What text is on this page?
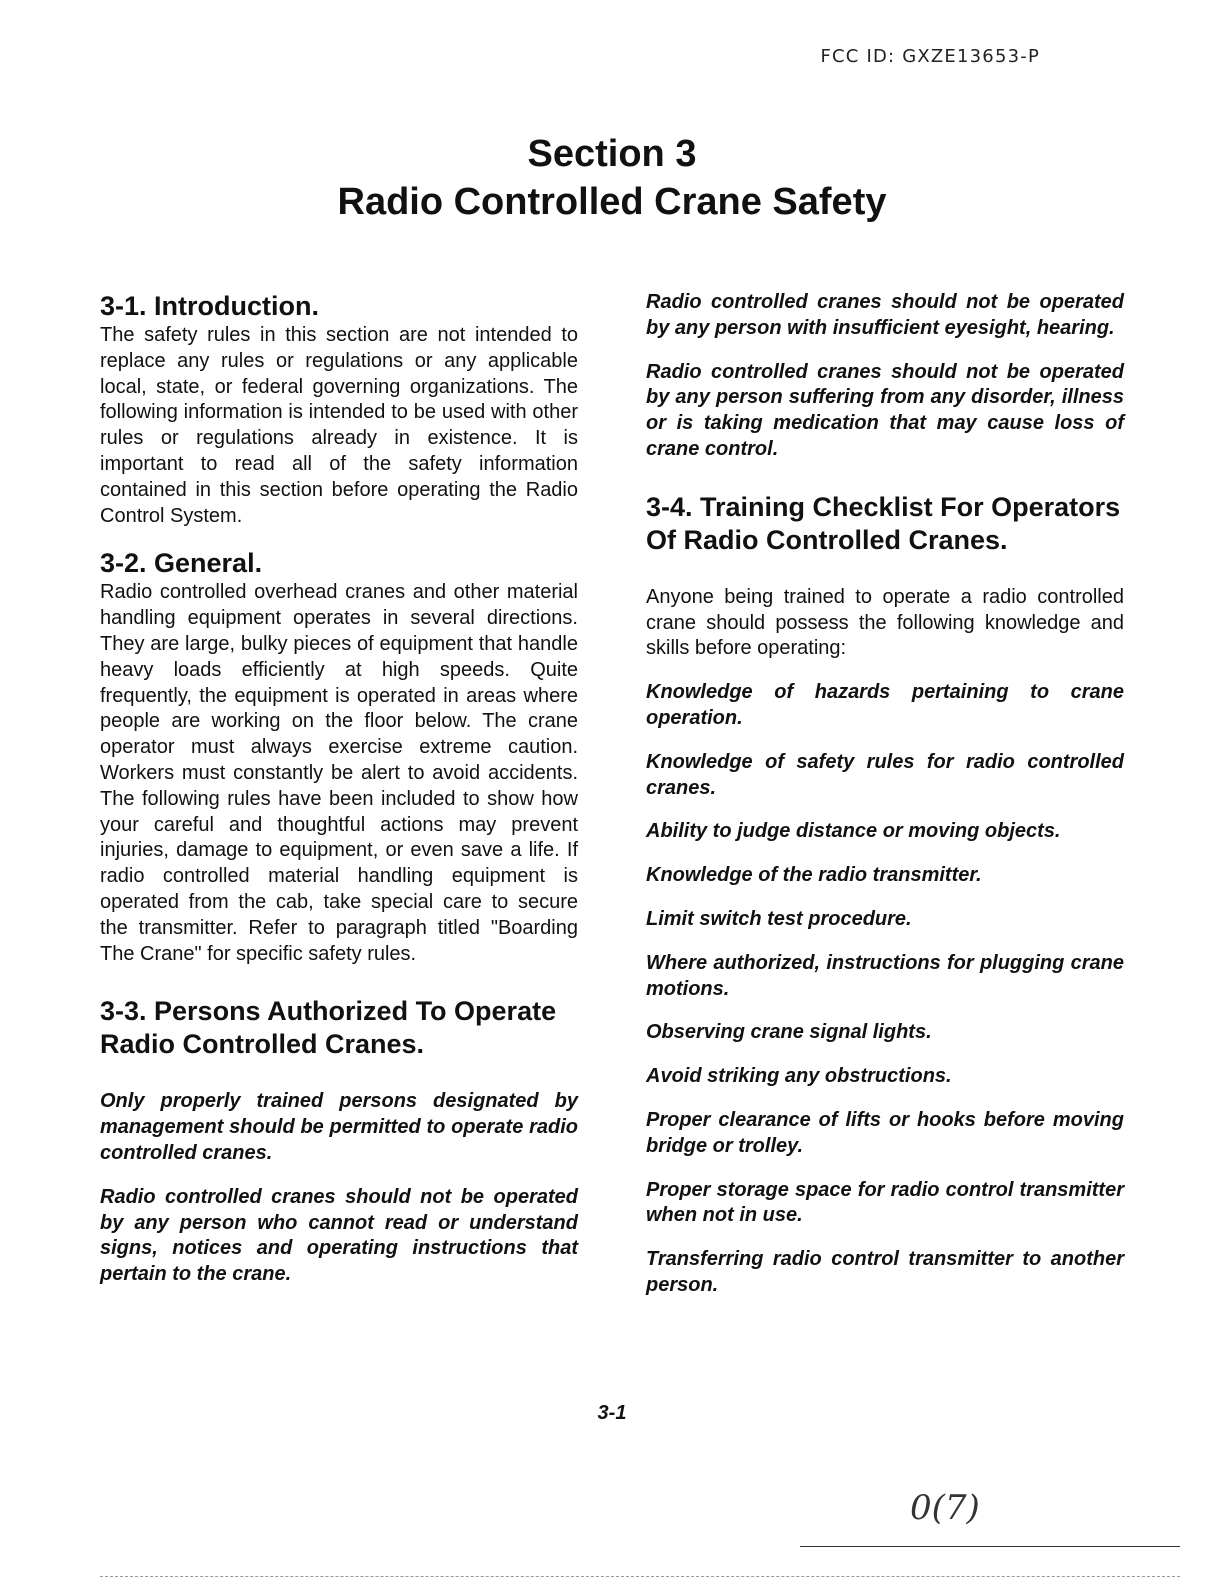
FCC ID: GXZE13653-P
Section 3
Radio Controlled Crane Safety
3-1. Introduction.

The safety rules in this section are not intended to replace any rules or regulations or any applicable local, state, or federal governing organizations. The following information is intended to be used with other rules or regulations already in existence. It is important to read all of the safety information contained in this section before operating the Radio Control System.

3-2. General.

Radio controlled overhead cranes and other material handling equipment operates in several directions. They are large, bulky pieces of equipment that handle heavy loads efficiently at high speeds. Quite frequently, the equipment is operated in areas where people are working on the floor below. The crane operator must always exercise extreme caution. Workers must constantly be alert to avoid accidents. The following rules have been included to show how your careful and thoughtful actions may prevent injuries, damage to equipment, or even save a life. If radio controlled material handling equipment is operated from the cab, take special care to secure the transmitter. Refer to paragraph titled "Boarding The Crane" for specific safety rules.

3-3. Persons Authorized To Operate Radio Controlled Cranes.

Only properly trained persons designated by management should be permitted to operate radio controlled cranes.

Radio controlled cranes should not be operated by any person who cannot read or understand signs, notices and operating instructions that pertain to the crane.

Radio controlled cranes should not be operated by any person with insufficient eyesight, hearing.

Radio controlled cranes should not be operated by any person suffering from any disorder, illness or is taking medication that may cause loss of crane control.

3-4. Training Checklist For Operators Of Radio Controlled Cranes.

Anyone being trained to operate a radio controlled crane should possess the following knowledge and skills before operating:

Knowledge of hazards pertaining to crane operation.

Knowledge of safety rules for radio controlled cranes.

Ability to judge distance or moving objects.

Knowledge of the radio transmitter.

Limit switch test procedure.

Where authorized, instructions for plugging crane motions.

Observing crane signal lights.

Avoid striking any obstructions.

Proper clearance of lifts or hooks before moving bridge or trolley.

Proper storage space for radio control transmitter when not in use.

Transferring radio control transmitter to another person.

3-1
0(7)
